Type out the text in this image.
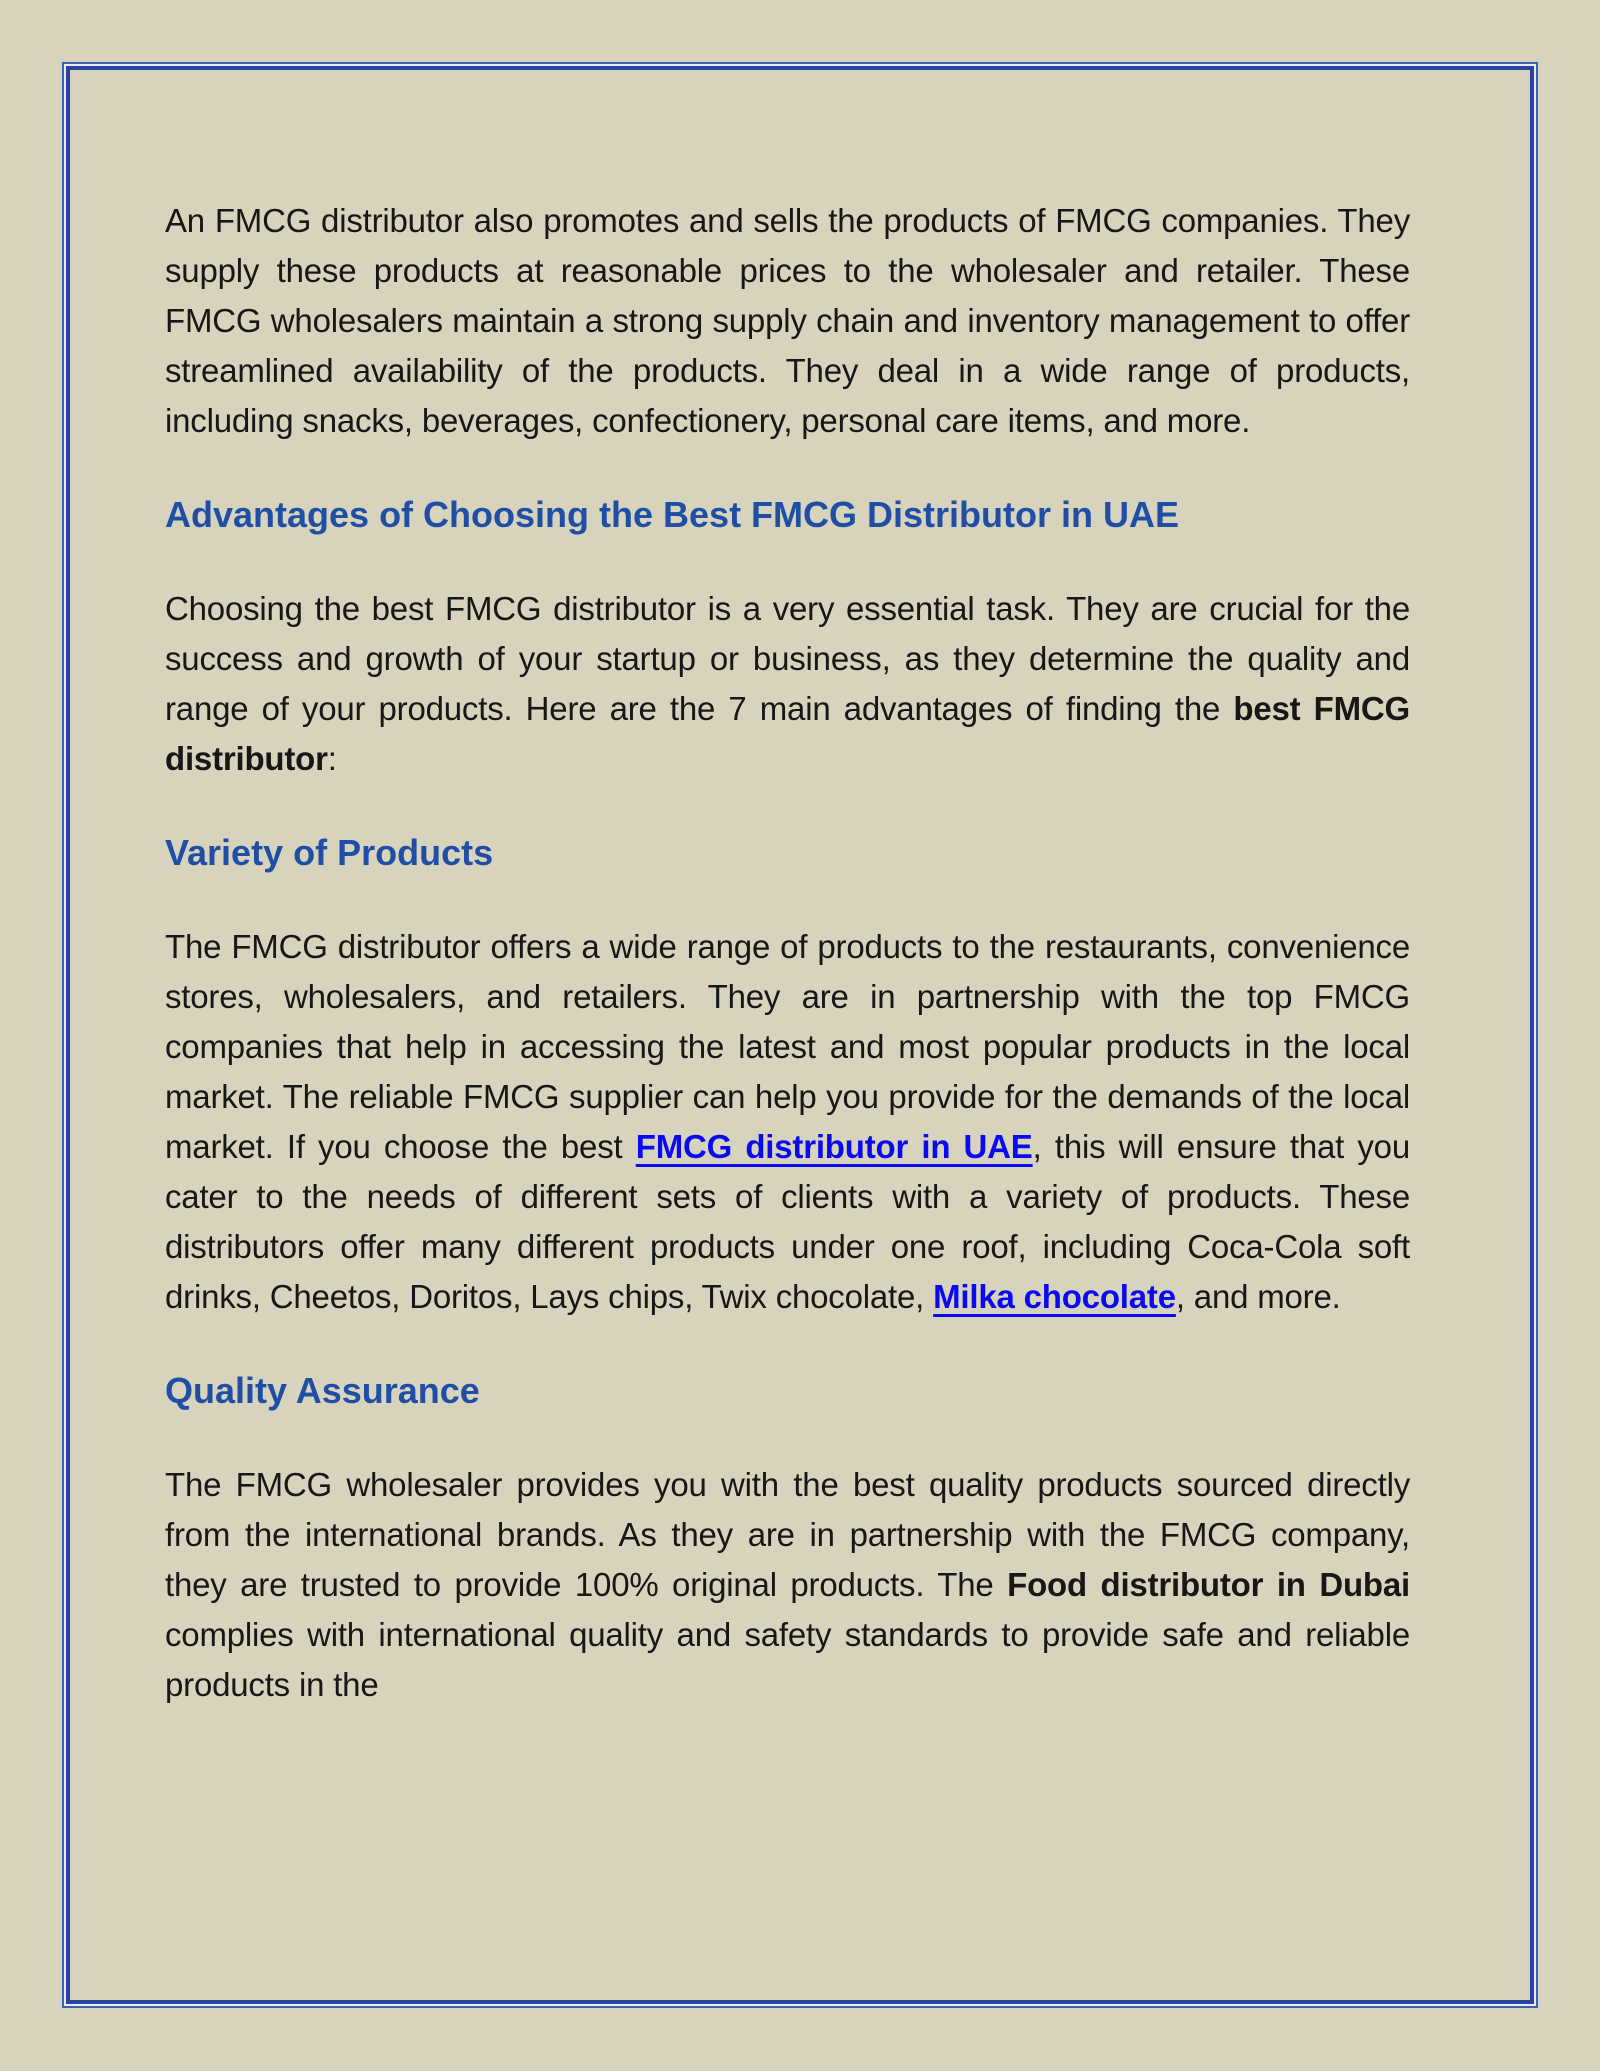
An FMCG distributor also promotes and sells the products of FMCG companies. They supply these products at reasonable prices to the wholesaler and retailer. These FMCG wholesalers maintain a strong supply chain and inventory management to offer streamlined availability of the products. They deal in a wide range of products, including snacks, beverages, confectionery, personal care items, and more.

Advantages of Choosing the Best FMCG Distributor in UAE

Choosing the best FMCG distributor is a very essential task. They are crucial for the success and growth of your startup or business, as they determine the quality and range of your products. Here are the 7 main advantages of finding the best FMCG distributor:

Variety of Products

The FMCG distributor offers a wide range of products to the restaurants, convenience stores, wholesalers, and retailers. They are in partnership with the top FMCG companies that help in accessing the latest and most popular products in the local market. The reliable FMCG supplier can help you provide for the demands of the local market. If you choose the best FMCG distributor in UAE, this will ensure that you cater to the needs of different sets of clients with a variety of products. These distributors offer many different products under one roof, including Coca-Cola soft drinks, Cheetos, Doritos, Lays chips, Twix chocolate, Milka chocolate, and more.

Quality Assurance

The FMCG wholesaler provides you with the best quality products sourced directly from the international brands. As they are in partnership with the FMCG company, they are trusted to provide 100% original products. The Food distributor in Dubai complies with international quality and safety standards to provide safe and reliable products in the
